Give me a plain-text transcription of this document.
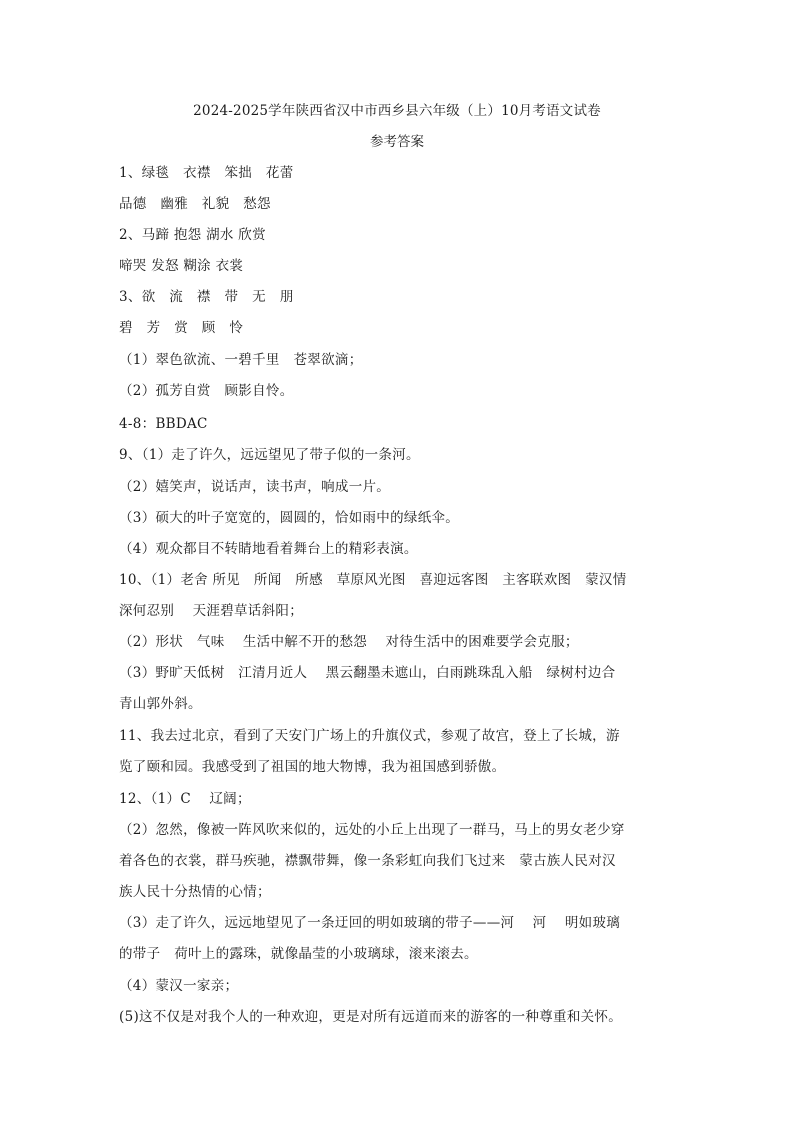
2024-2025学年陕西省汉中市西乡县六年级（上）10月考语文试卷
参考答案
1、绿毯　衣襟　笨拙　花蕾
品德　幽雅　礼貌　愁怨
2、马蹄 抱怨 湖水 欣赏
啼哭 发怒 糊涂 衣裳
3、欲　流　襟　带　无　朋
碧　芳　赏　顾　怜
（1）翠色欲流、一碧千里　苍翠欲滴；
（2）孤芳自赏　顾影自怜。
4-8：BBDAC
9、（1）走了许久，远远望见了带子似的一条河。
（2）嬉笑声，说话声，读书声，响成一片。
（3）硕大的叶子宽宽的，圆圆的，恰如雨中的绿纸伞。
（4）观众都目不转睛地看着舞台上的精彩表演。
10、（1）老舍 所见　所闻　所感　草原风光图　喜迎远客图　主客联欢图　蒙汉情
深何忍别　 天涯碧草话斜阳；
（2）形状　气味　 生活中解不开的愁怨　 对待生活中的困难要学会克服；
（3）野旷天低树　江清月近人　 黑云翻墨未遮山，白雨跳珠乱入船　绿树村边合
青山郭外斜。
11、我去过北京，看到了天安门广场上的升旗仪式，参观了故宫，登上了长城，游
览了颐和园。我感受到了祖国的地大物博，我为祖国感到骄傲。
12、（1）C　 辽阔；
（2）忽然，像被一阵风吹来似的，远处的小丘上出现了一群马，马上的男女老少穿
着各色的衣裳，群马疾驰，襟飘带舞，像一条彩虹向我们飞过来　蒙古族人民对汉
族人民十分热情的心情；
（3）走了许久，远远地望见了一条迂回的明如玻璃的带子——河　 河　 明如玻璃
的带子　荷叶上的露珠，就像晶莹的小玻璃球，滚来滚去。
（4）蒙汉一家亲；
(5)这不仅是对我个人的一种欢迎，更是对所有远道而来的游客的一种尊重和关怀。
